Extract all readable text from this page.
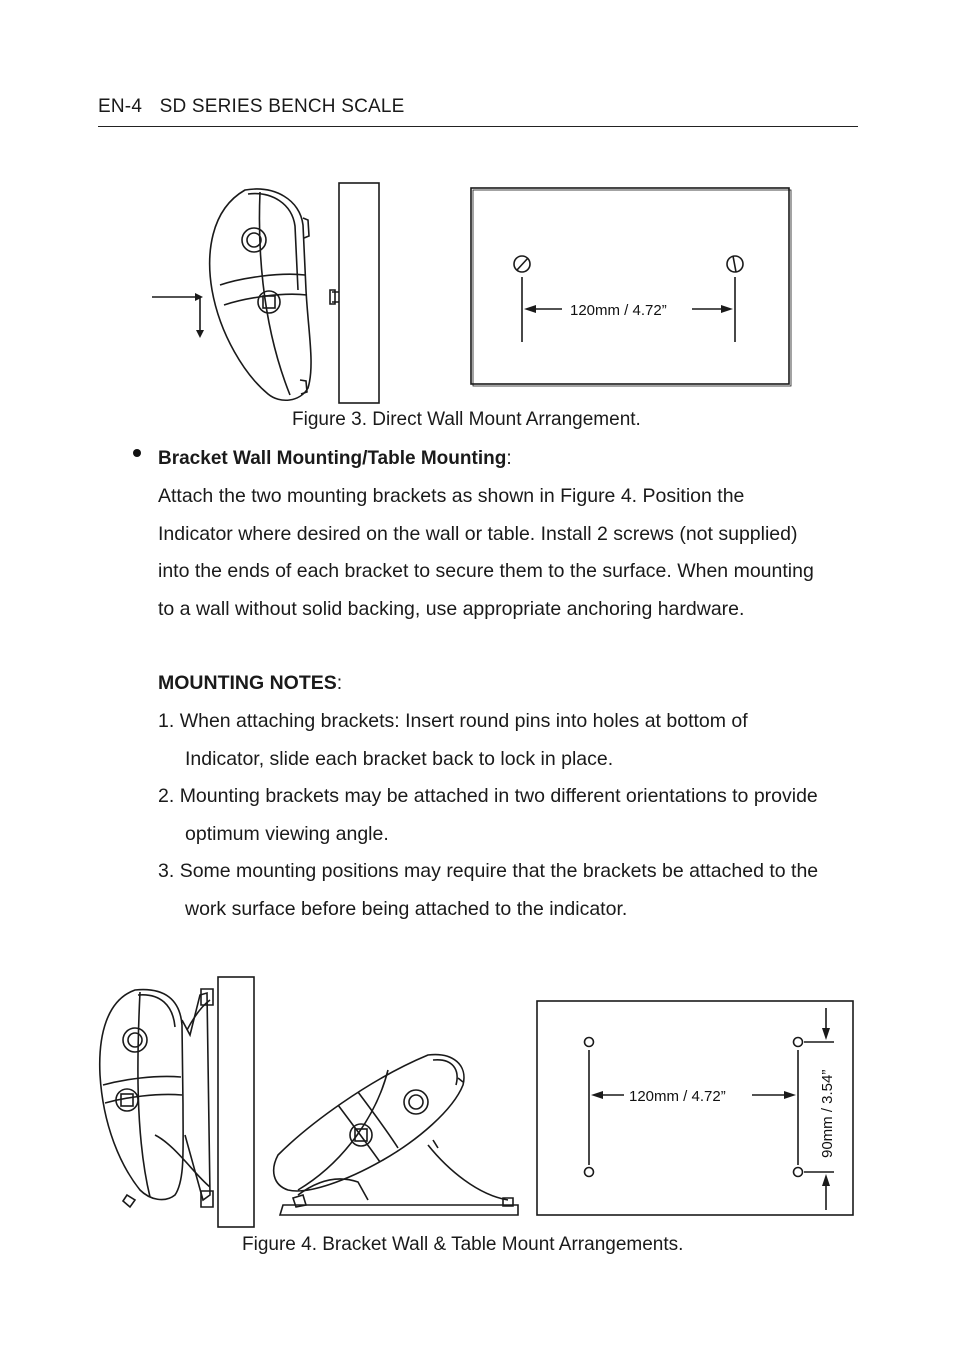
EN-4 SD SERIES BENCH SCALE
120mm / 4.72”
Figure 3. Direct Wall Mount Arrangement.
Bracket Wall Mounting/Table Mounting:
Attach the two mounting brackets as shown in Figure 4. Position the
Indicator where desired on the wall or table. Install 2 screws (not supplied)
into the ends of each bracket to secure them to the surface. When mounting
to a wall without solid backing, use appropriate anchoring hardware.
MOUNTING NOTES:
1. When attaching brackets: Insert round pins into holes at bottom of
Indicator, slide each bracket back to lock in place.
2. Mounting brackets may be attached in two different orientations to provide
optimum viewing angle.
3. Some mounting positions may require that the brackets be attached to the
work surface before being attached to the indicator.
120mm / 4.72”	90mm / 3.54”
Figure 4. Bracket Wall & Table Mount Arrangements.
